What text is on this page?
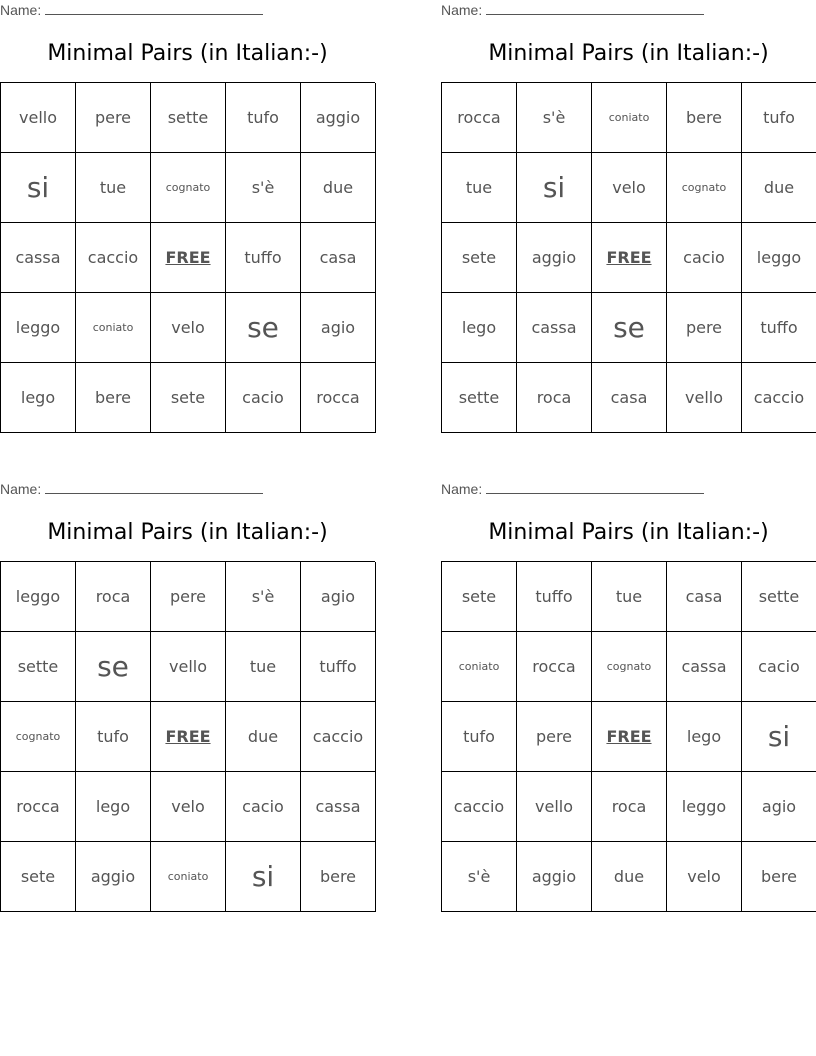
Name:
Minimal Pairs (in Italian:-)
vello	pere	sette	tufo	aggio
si	tue	cognato	s'è	due
cassa	caccio	FREE	tuffo	casa
leggo	coniato	velo	se	agio
lego	bere	sete	cacio	rocca
Name:
Minimal Pairs (in Italian:-)
rocca	s'è	coniato	bere	tufo
tue	si	velo	cognato	due
sete	aggio	FREE	cacio	leggo
lego	cassa	se	pere	tuffo
sette	roca	casa	vello	caccio
Name:
Minimal Pairs (in Italian:-)
leggo	roca	pere	s'è	agio
sette	se	vello	tue	tuffo
cognato	tufo	FREE	due	caccio
rocca	lego	velo	cacio	cassa
sete	aggio	coniato	si	bere
Name:
Minimal Pairs (in Italian:-)
sete	tuffo	tue	casa	sette
coniato	rocca	cognato	cassa	cacio
tufo	pere	FREE	lego	si
caccio	vello	roca	leggo	agio
s'è	aggio	due	velo	bere
